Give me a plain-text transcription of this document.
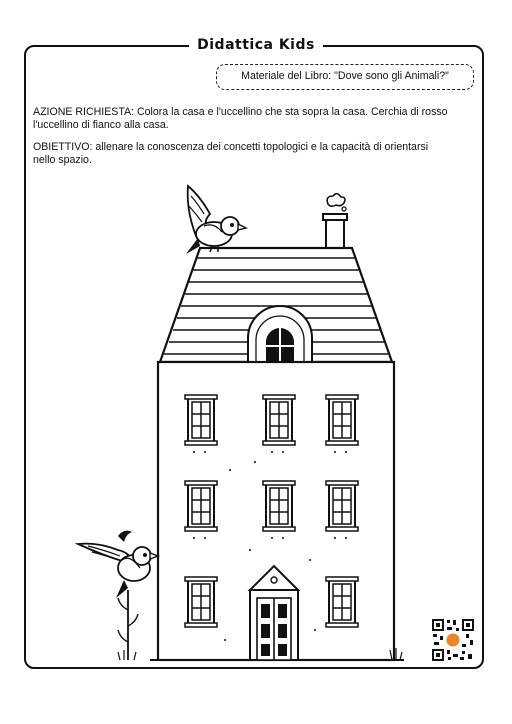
Didattica Kids
Materiale del Libro: "Dove sono gli Animali?"
AZIONE RICHIESTA: Colora la casa e l'uccellino che sta sopra la casa. Cerchia di rosso l'uccellino di fianco alla casa.
OBIETTIVO: allenare la conoscenza dei concetti topologici e la capacità di orientarsi nello spazio.
